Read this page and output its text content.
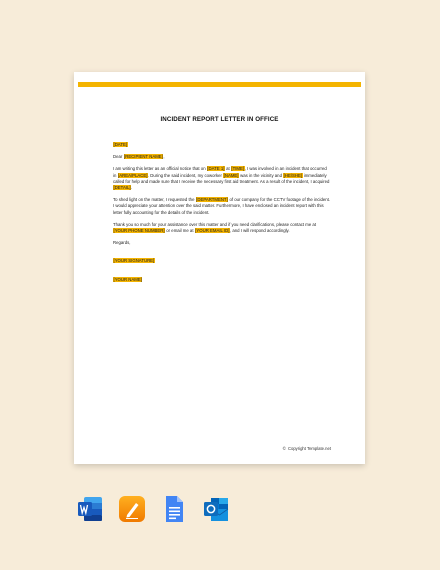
INCIDENT REPORT LETTER IN OFFICE

[DATE]

Dear [RECIPIENT NAME],

I am writing this letter as an official notice that on [DATE 1] at [TIME], I was involved in an incident that occurred in [AREA/PLACE]. During the said incident, my coworker [NAME] was in the vicinity and [HE/SHE] immediately called for help and made sure that I receive the necessary first aid treatment. As a result of the incident, I acquired [DETAIL].

To shed light on the matter, I requested the [DEPARTMENT] of our company for the CCTV footage of the incident. I would appreciate your attention over the said matter. Furthermore, I have enclosed an incident report with this letter fully accounting for the details of the incident.

Thank you so much for your assistance over this matter and if you need clarifications, please contact me at [YOUR PHONE NUMBER] or email me at [YOUR EMAIL ID], and I will respond accordingly.

Regards,

[YOUR SIGNATURE]

[YOUR NAME]

© Copyright Template.net
